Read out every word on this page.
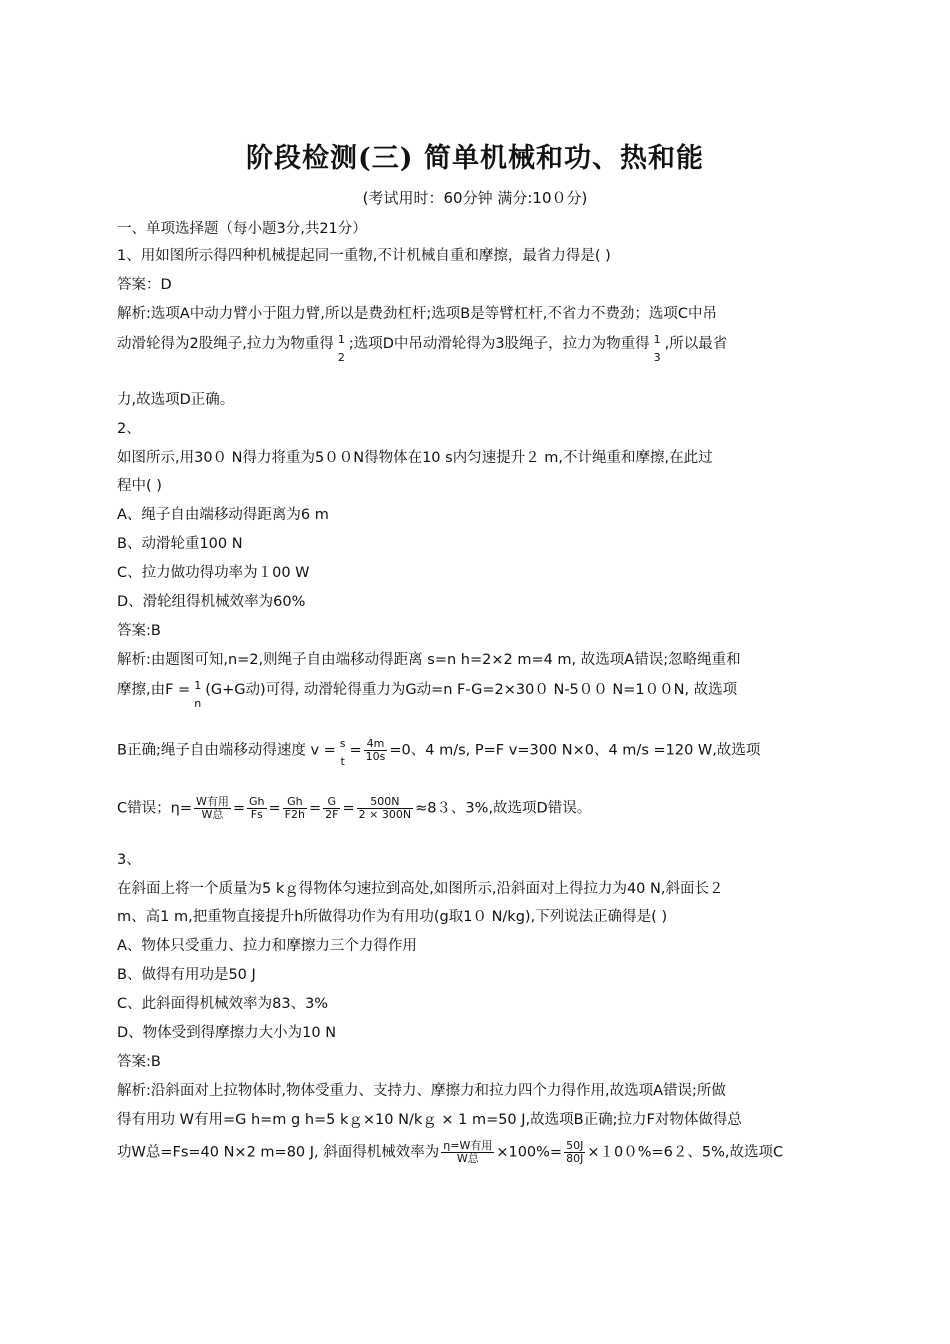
阶段检测(三) 简单机械和功、热和能
(考试用时：60分钟 满分:10０分)
一、单项选择题（每小题3分,共21分）
1、用如图所示得四种机械提起同一重物,不计机械自重和摩擦，最省力得是( )
答案：D
解析:选项A中动力臂小于阻力臂,所以是费劲杠杆;选项B是等臂杠杆,不省力不费劲；选项C中吊
动滑轮得为2股绳子,拉力为物重得 1
2
;选项D中吊动滑轮得为3股绳子，拉力为物重得 1
3
,所以最省
力,故选项D正确。
2、
如图所示,用30０ N得力将重为5００N得物体在10 s内匀速提升２ m,不计绳重和摩擦,在此过
程中( )
A、绳子自由端移动得距离为6 m
B、动滑轮重100 N
C、拉力做功得功率为１00 W
D、滑轮组得机械效率为60%
答案:B
解析:由题图可知,n=2,则绳子自由端移动得距离 s=n h=2×2 m=4 m, 故选项A错误;忽略绳重和
摩擦,由F = 1
n
(G+G动)可得, 动滑轮得重力为G动=n F-G=2×30０ N-5００ N=1００N, 故选项
B正确;绳子自由端移动得速度 v = s
t
= $\frac{4m}{10s} =0$、4 m/s, P=F v=300 N×0、4 m/s =120 W,故选项
C错误；$\eta= \frac{\text{W有用}}{\text{W总}} = \frac{Gh}{Fs} = \frac{Gh}{F2h} = \frac{G}{2F} = \frac{500N}{2 \times 300N} \approx 83$、3%,故选项D错误。
3、
在斜面上将一个质量为5 kｇ得物体匀速拉到高处,如图所示,沿斜面对上得拉力为40 N,斜面长２
m、高1 m,把重物直接提升h所做得功作为有用功(g取1０ N/kg),下列说法正确得是( )
A、物体只受重力、拉力和摩擦力三个力得作用
B、做得有用功是50 J
C、此斜面得机械效率为83、3%
D、物体受到得摩擦力大小为10 N
答案:B
解析:沿斜面对上拉物体时,物体受重力、支持力、摩擦力和拉力四个力得作用,故选项A错误;所做
得有用功 W有用=G h=m g h=5 kｇ×10 N/kｇ × 1 m=50 J,故选项B正确;拉力F对物体做得总
功W总=Fs=40 N×2 m=80 J, 斜面得机械效率为 $\frac{\text{η=W有用}}{\text{W总}} \times 100\%= \frac{50J}{80J} \times 100\%=62$、5%,故选项C
